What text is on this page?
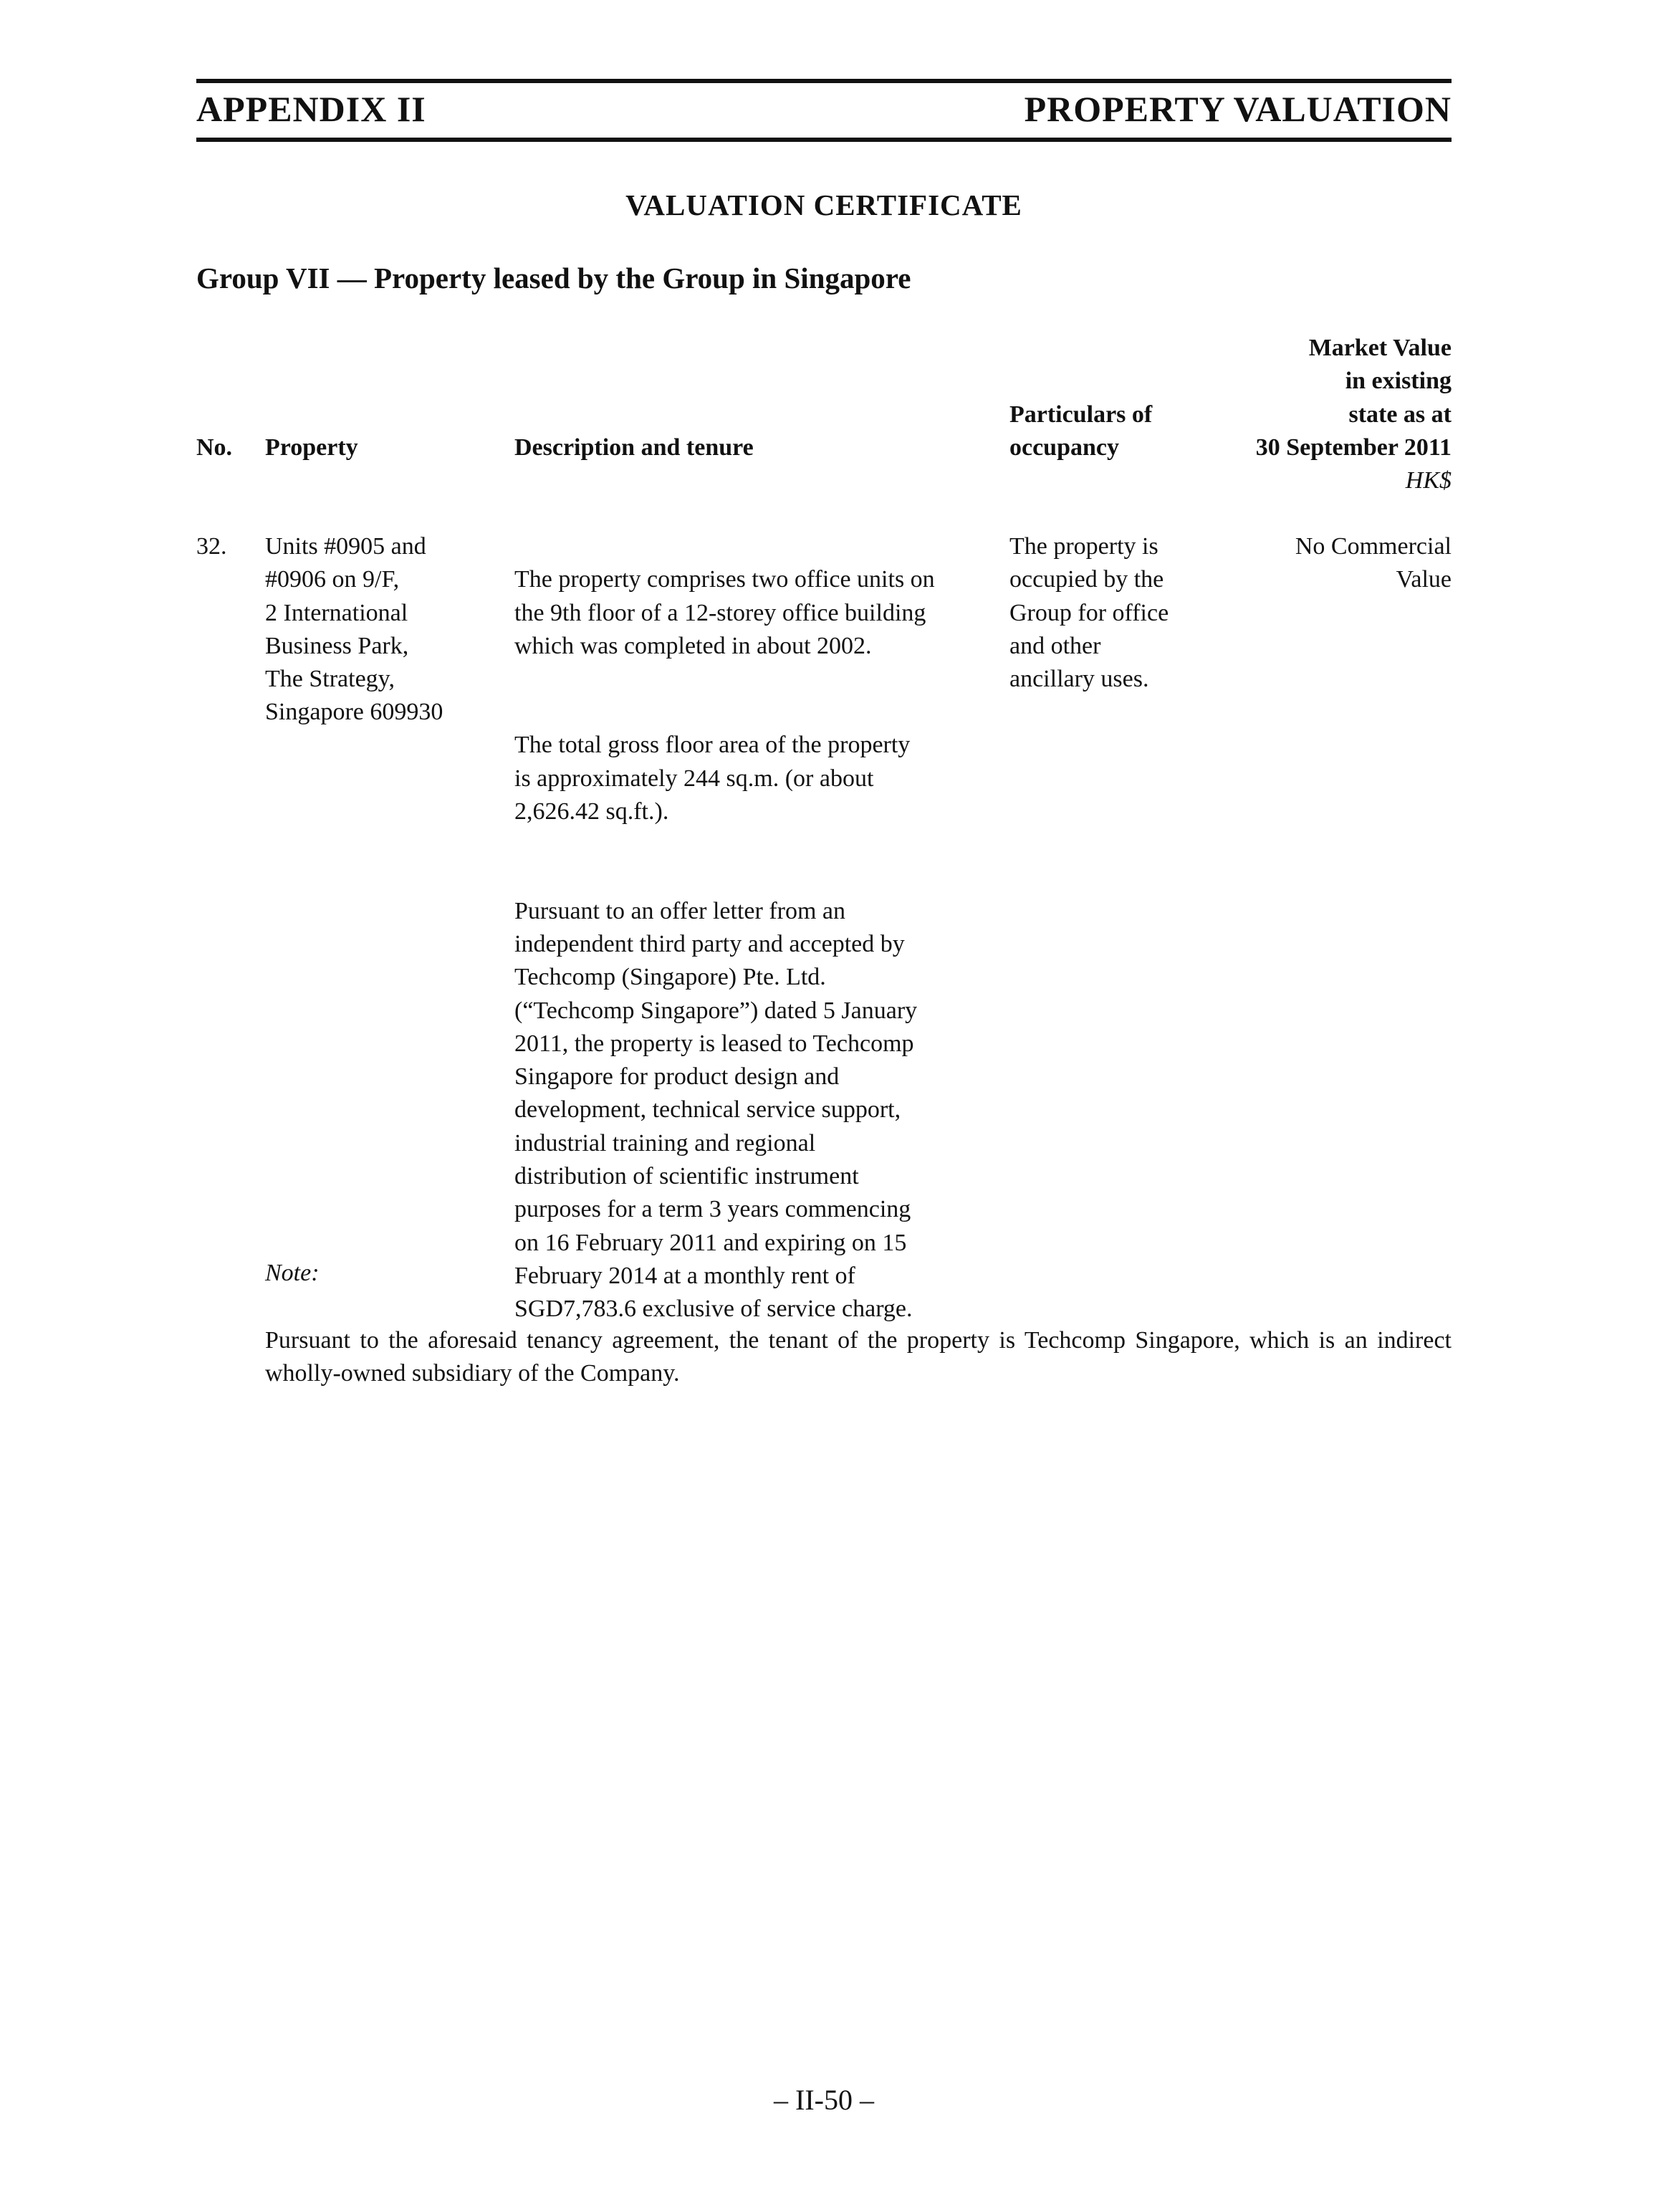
APPENDIX II	PROPERTY VALUATION
VALUATION CERTIFICATE
Group VII — Property leased by the Group in Singapore
No. Property	Description and tenure
Particulars of
occupancy
Market Value
in existing
state as at
30 September 2011
HK$
32. Units #0905 and
#0906 on 9/F,
2 International
Business Park,
The Strategy,
Singapore 609930

The property comprises two office units on
the 9th floor of a 12-storey office building
which was completed in about 2002.

The total gross floor area of the property
is approximately 244 sq.m. (or about
2,626.42 sq.ft.).

Pursuant to an offer letter from an
independent third party and accepted by
Techcomp (Singapore) Pte. Ltd.
(“Techcomp Singapore”) dated 5 January
2011, the property is leased to Techcomp
Singapore for product design and
development, technical service support,
industrial training and regional
distribution of scientific instrument
purposes for a term 3 years commencing
on 16 February 2011 and expiring on 15
February 2014 at a monthly rent of
SGD7,783.6 exclusive of service charge.

The property is
occupied by the
Group for office
and other
ancillary uses.
No Commercial
Value
Note:
Pursuant to the aforesaid tenancy agreement, the tenant of the property is Techcomp Singapore, which is an indirect wholly-owned subsidiary of the Company.
– II-50 –
